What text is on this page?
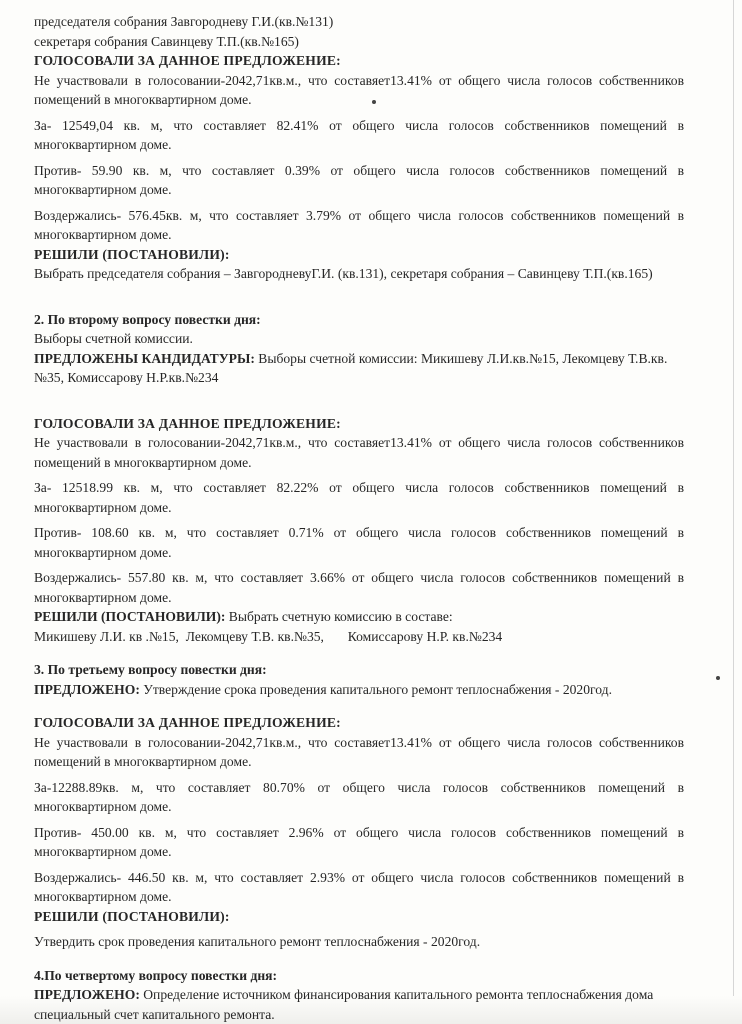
председателя собрания Завгородневу Г.И.(кв.№131)

секретаря собрания Савинцеву Т.П.(кв.№165)

ГОЛОСОВАЛИ ЗА ДАННОЕ ПРЕДЛОЖЕНИЕ:

Не участвовали в голосовании-2042,71кв.м., что составяет13.41% от общего числа голосов собственников помещений в многоквартирном доме.

За- 12549,04 кв. м, что составляет 82.41% от общего числа голосов собственников помещений в многоквартирном доме.

Против- 59.90 кв. м, что составляет 0.39% от общего числа голосов собственников помещений в многоквартирном доме.

Воздержались- 576.45кв. м, что составляет 3.79% от общего числа голосов собственников помещений в многоквартирном доме.

РЕШИЛИ (ПОСТАНОВИЛИ):

Выбрать председателя собрания – ЗавгородневуГ.И. (кв.131), секретаря собрания – Савинцеву Т.П.(кв.165)

2. По второму вопросу повестки дня:

Выборы счетной комиссии.

ПРЕДЛОЖЕНЫ КАНДИДАТУРЫ: Выборы счетной комиссии: Микишеву Л.И.кв.№15, Лекомцеву Т.В.кв.№35, Комиссарову Н.Р.кв.№234

ГОЛОСОВАЛИ ЗА ДАННОЕ ПРЕДЛОЖЕНИЕ:

Не участвовали в голосовании-2042,71кв.м., что составяет13.41% от общего числа голосов собственников помещений в многоквартирном доме.

За- 12518.99 кв. м, что составляет 82.22% от общего числа голосов собственников помещений в многоквартирном доме.

Против- 108.60 кв. м, что составляет 0.71% от общего числа голосов собственников помещений в многоквартирном доме.

Воздержались- 557.80 кв. м, что составляет 3.66% от общего числа голосов собственников помещений в многоквартирном доме.

РЕШИЛИ (ПОСТАНОВИЛИ): Выбрать счетную комиссию в составе:

Микишеву Л.И. кв .№15,  Лекомцеву Т.В. кв.№35,       Комиссарову Н.Р. кв.№234

3. По третьему вопросу повестки дня:

ПРЕДЛОЖЕНО: Утверждение срока проведения капитального ремонт теплоснабжения - 2020год.

ГОЛОСОВАЛИ ЗА ДАННОЕ ПРЕДЛОЖЕНИЕ:

Не участвовали в голосовании-2042,71кв.м., что составяет13.41% от общего числа голосов собственников помещений в многоквартирном доме.

За-12288.89кв. м, что составляет 80.70% от общего числа голосов собственников помещений в многоквартирном доме.

Против- 450.00 кв. м, что составляет 2.96% от общего числа голосов собственников помещений в многоквартирном доме.

Воздержались- 446.50 кв. м, что составляет 2.93% от общего числа голосов собственников помещений в многоквартирном доме.

РЕШИЛИ (ПОСТАНОВИЛИ):

Утвердить срок проведения капитального ремонт теплоснабжения - 2020год.

4.По четвертому вопросу повестки дня:

ПРЕДЛОЖЕНО: Определение источником финансирования капитального ремонта теплоснабжения дома специальный счет капитального ремонта.
